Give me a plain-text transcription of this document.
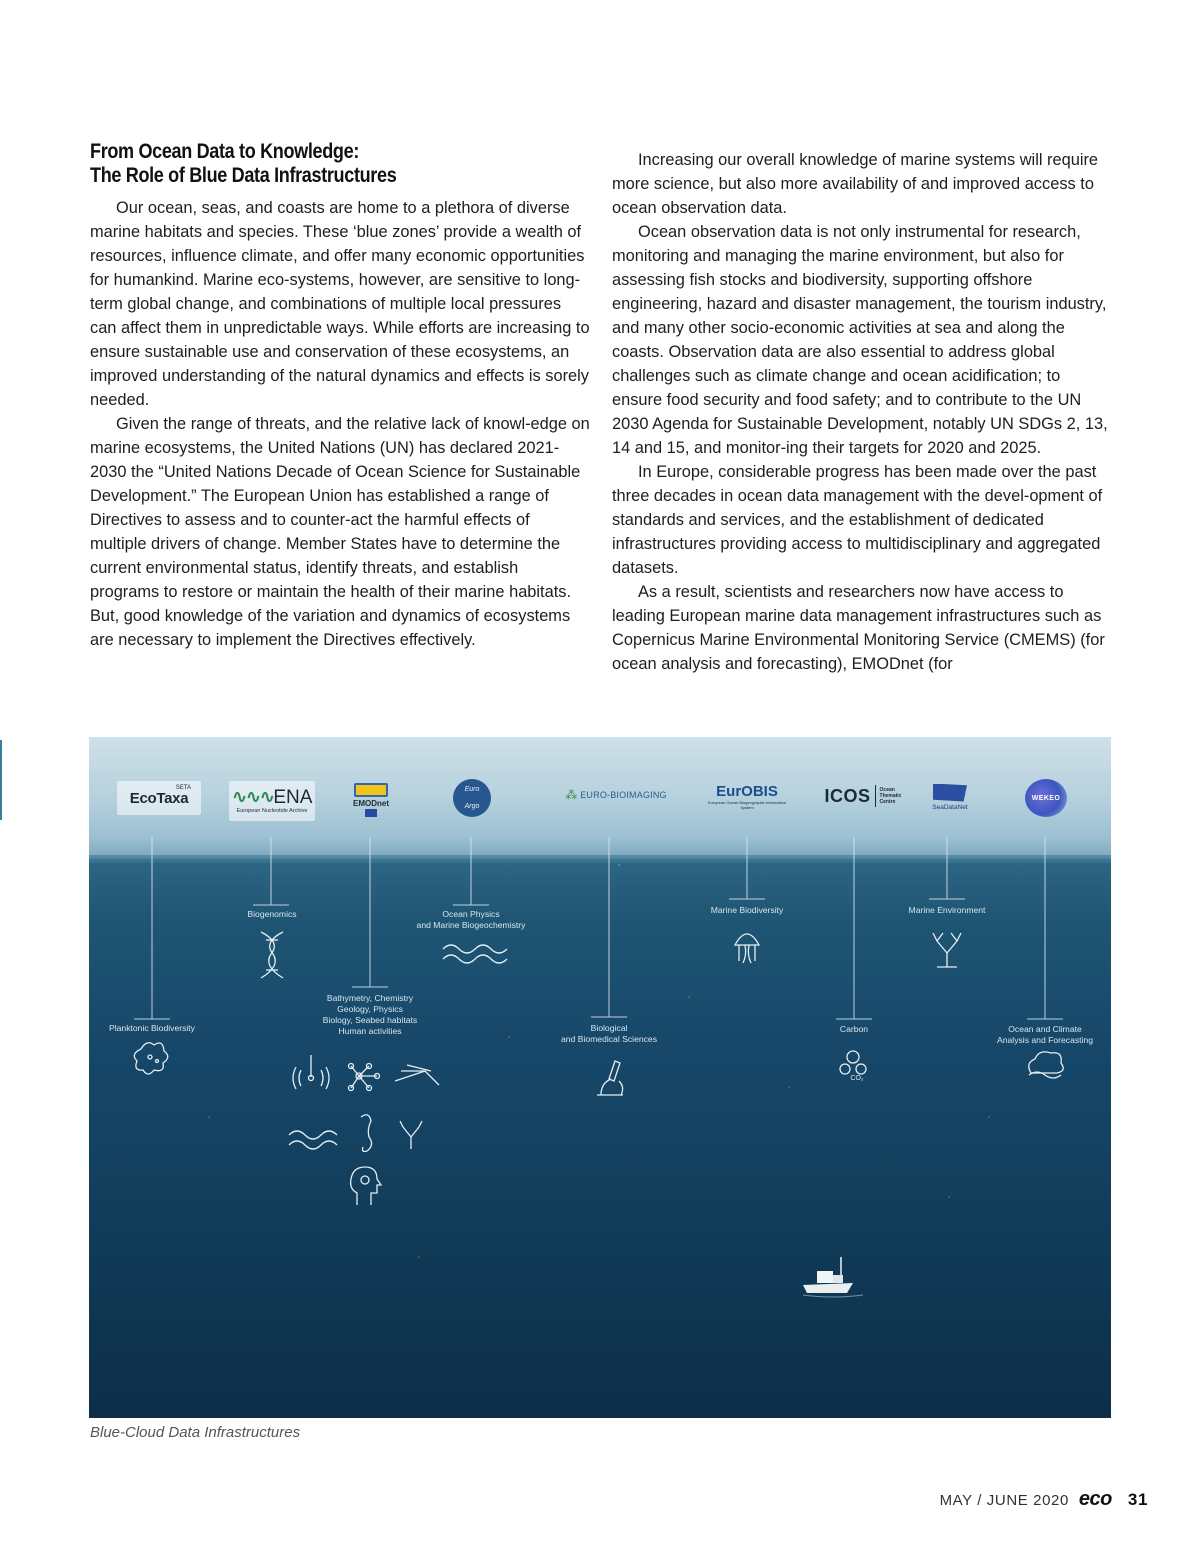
From Ocean Data to Knowledge:
The Role of Blue Data Infrastructures

Our ocean, seas, and coasts are home to a plethora of diverse marine habitats and species. These ‘blue zones’ provide a wealth of resources, influence climate, and offer many economic opportunities for humankind. Marine eco-systems, however, are sensitive to long-term global change, and combinations of multiple local pressures can affect them in unpredictable ways. While efforts are increasing to ensure sustainable use and conservation of these ecosystems, an improved understanding of the natural dynamics and effects is sorely needed.

Given the range of threats, and the relative lack of knowl-edge on marine ecosystems, the United Nations (UN) has declared 2021-2030 the “United Nations Decade of Ocean Science for Sustainable Development.” The European Union has established a range of Directives to assess and to counter-act the harmful effects of multiple drivers of change. Member States have to determine the current environmental status, identify threats, and establish programs to restore or maintain the health of their marine habitats. But, good knowledge of the variation and dynamics of ecosystems are necessary to implement the Directives effectively.

Increasing our overall knowledge of marine systems will require more science, but also more availability of and improved access to ocean observation data.

Ocean observation data is not only instrumental for research, monitoring and managing the marine environment, but also for assessing fish stocks and biodiversity, supporting offshore engineering, hazard and disaster management, the tourism industry, and many other socio-economic activities at sea and along the coasts. Observation data are also essential to address global challenges such as climate change and ocean acidification; to ensure food security and food safety; and to contribute to the UN 2030 Agenda for Sustainable Development, notably UN SDGs 2, 13, 14 and 15, and monitor-ing their targets for 2020 and 2025.

In Europe, considerable progress has been made over the past three decades in ocean data management with the devel-opment of standards and services, and the establishment of dedicated infrastructures providing access to multidisciplinary and aggregated datasets.

As a result, scientists and researchers now have access to leading European marine data management infrastructures such as Copernicus Marine Environmental Monitoring Service (CMEMS) (for ocean analysis and forecasting), EMODnet (for

EcoTaxa
SETA ∿∿∿ENA
European Nucleotide Archive
EMODnet
Euro
Argo
⁂ EURO-BIOIMAGING	EurOBIS
European Ocean Biogeographic Information System
ICOS Ocean
Thematic
Centre
SeaDataNet
WEKEO
Planktonic Biodiversity
Biogenomics
Bathymetry, Chemistry
Geology, Physics
Biology, Seabed habitats
Human activities
Ocean Physics
and Marine Biogeochemistry
Biological
and Biomedical Sciences
Marine Biodiversity
Carbon
CO₂
Marine Environment
Ocean and Climate
Analysis and Forecasting
Blue-Cloud Data Infrastructures
MAY / JUNE 2020 eco 31
